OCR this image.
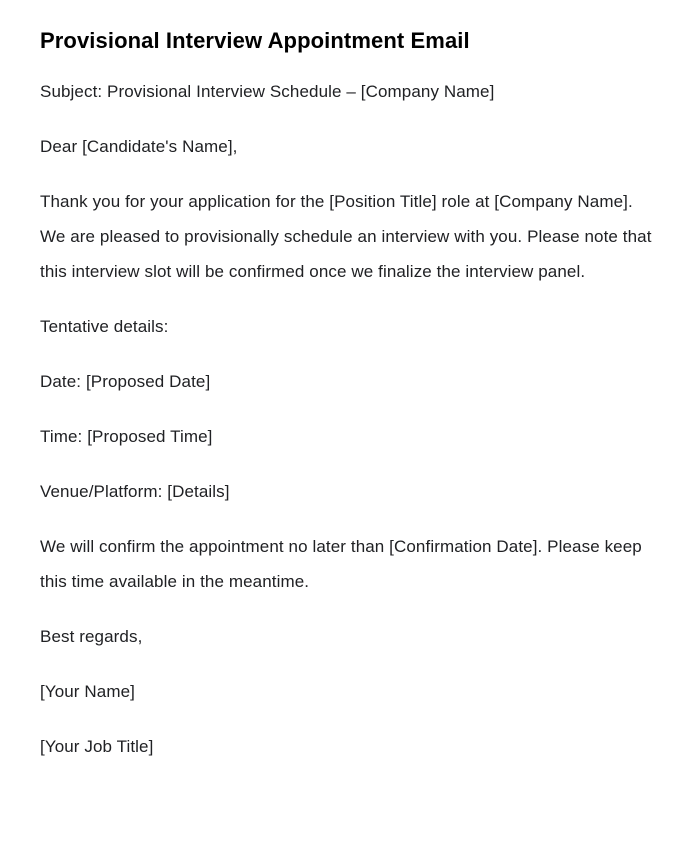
Provisional Interview Appointment Email

Subject: Provisional Interview Schedule – [Company Name]

Dear [Candidate's Name],

Thank you for your application for the [Position Title] role at [Company Name]. We are pleased to provisionally schedule an interview with you. Please note that this interview slot will be confirmed once we finalize the interview panel.

Tentative details:

Date: [Proposed Date]

Time: [Proposed Time]

Venue/Platform: [Details]

We will confirm the appointment no later than [Confirmation Date]. Please keep this time available in the meantime.

Best regards,

[Your Name]

[Your Job Title]
